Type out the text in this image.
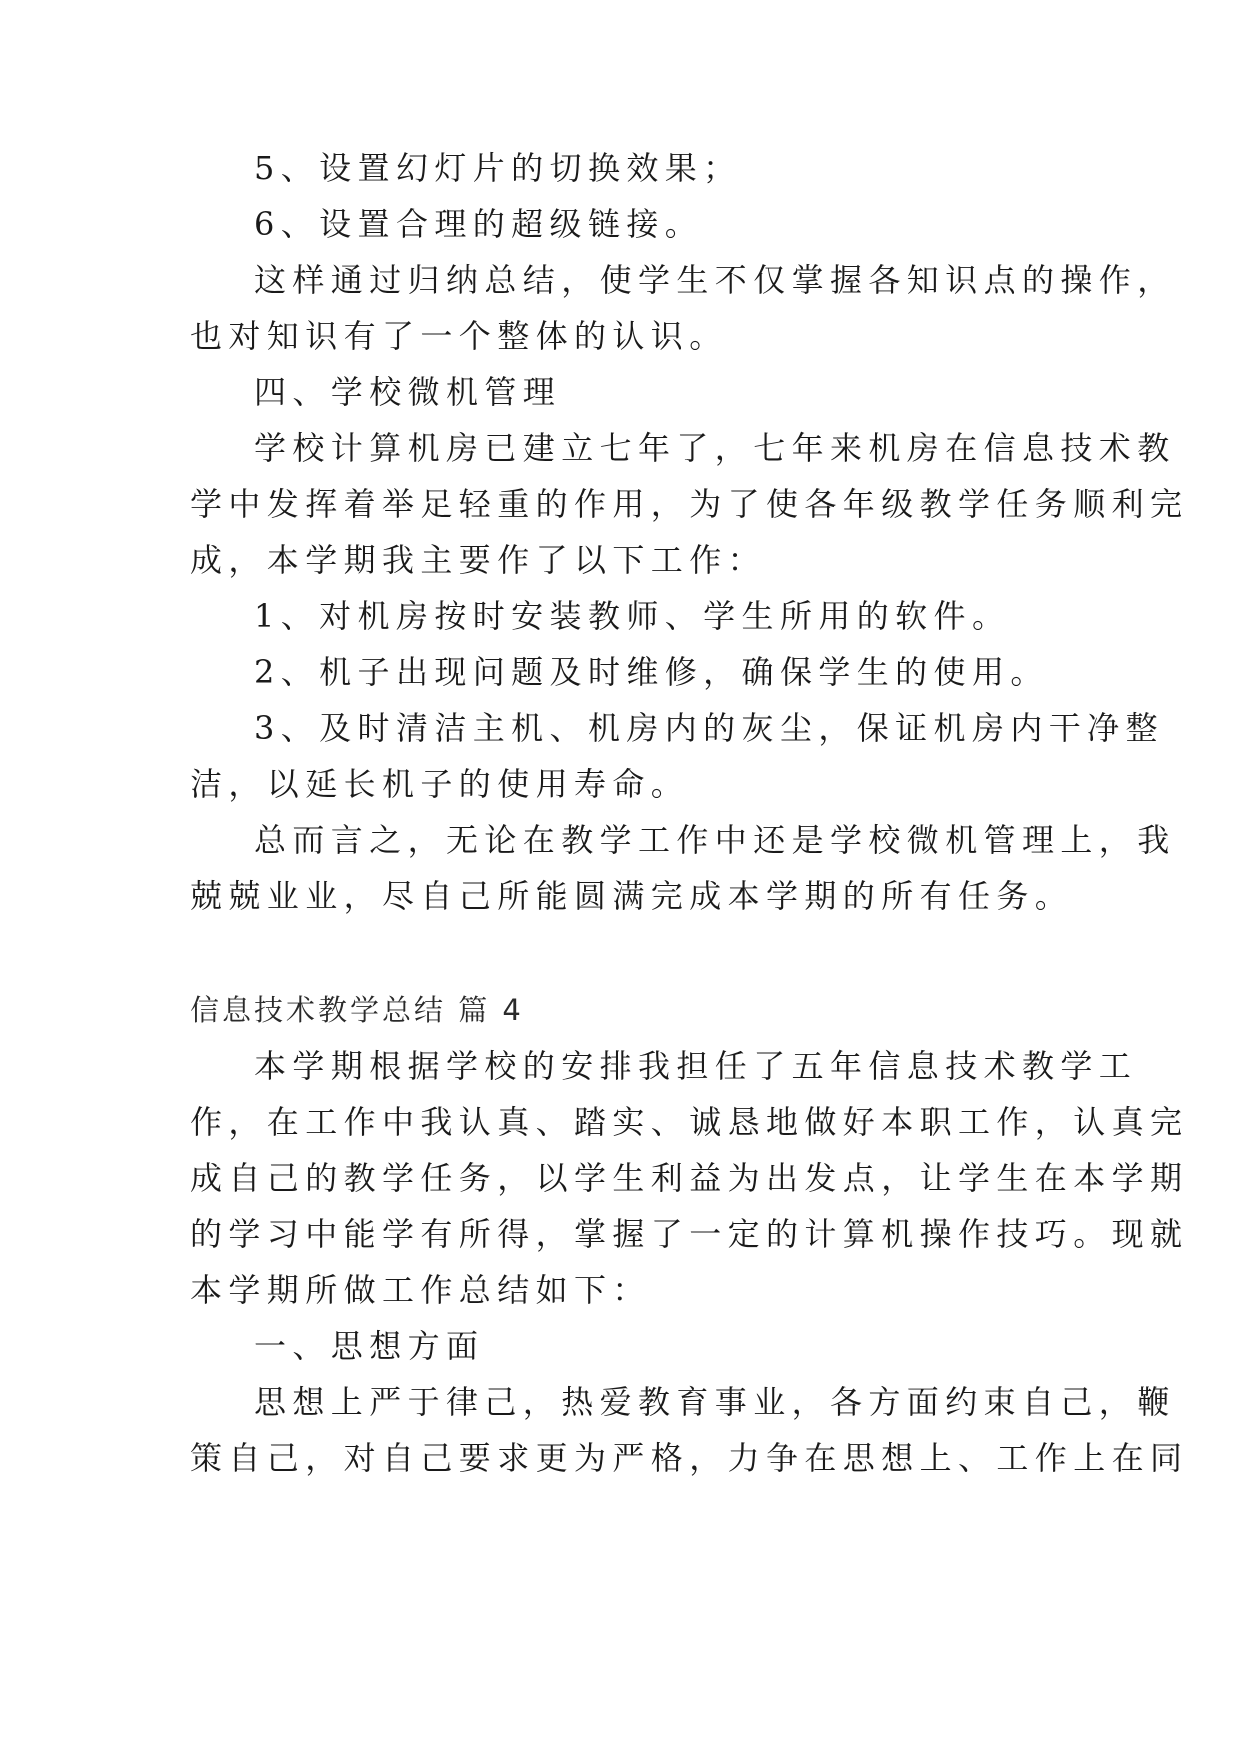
5、设置幻灯片的切换效果；
6、设置合理的超级链接。
这样通过归纳总结，使学生不仅掌握各知识点的操作，
也对知识有了一个整体的认识。
四、学校微机管理
学校计算机房已建立七年了，七年来机房在信息技术教
学中发挥着举足轻重的作用，为了使各年级教学任务顺利完
成，本学期我主要作了以下工作：
1、对机房按时安装教师、学生所用的软件。
2、机子出现问题及时维修，确保学生的使用。
3、及时清洁主机、机房内的灰尘，保证机房内干净整
洁，以延长机子的使用寿命。
总而言之，无论在教学工作中还是学校微机管理上，我
兢兢业业，尽自己所能圆满完成本学期的所有任务。
信息技术教学总结 篇 4
本学期根据学校的安排我担任了五年信息技术教学工
作，在工作中我认真、踏实、诚恳地做好本职工作，认真完
成自己的教学任务，以学生利益为出发点，让学生在本学期
的学习中能学有所得，掌握了一定的计算机操作技巧。现就
本学期所做工作总结如下：
一、思想方面
思想上严于律己，热爱教育事业，各方面约束自己，鞭
策自己，对自己要求更为严格，力争在思想上、工作上在同
